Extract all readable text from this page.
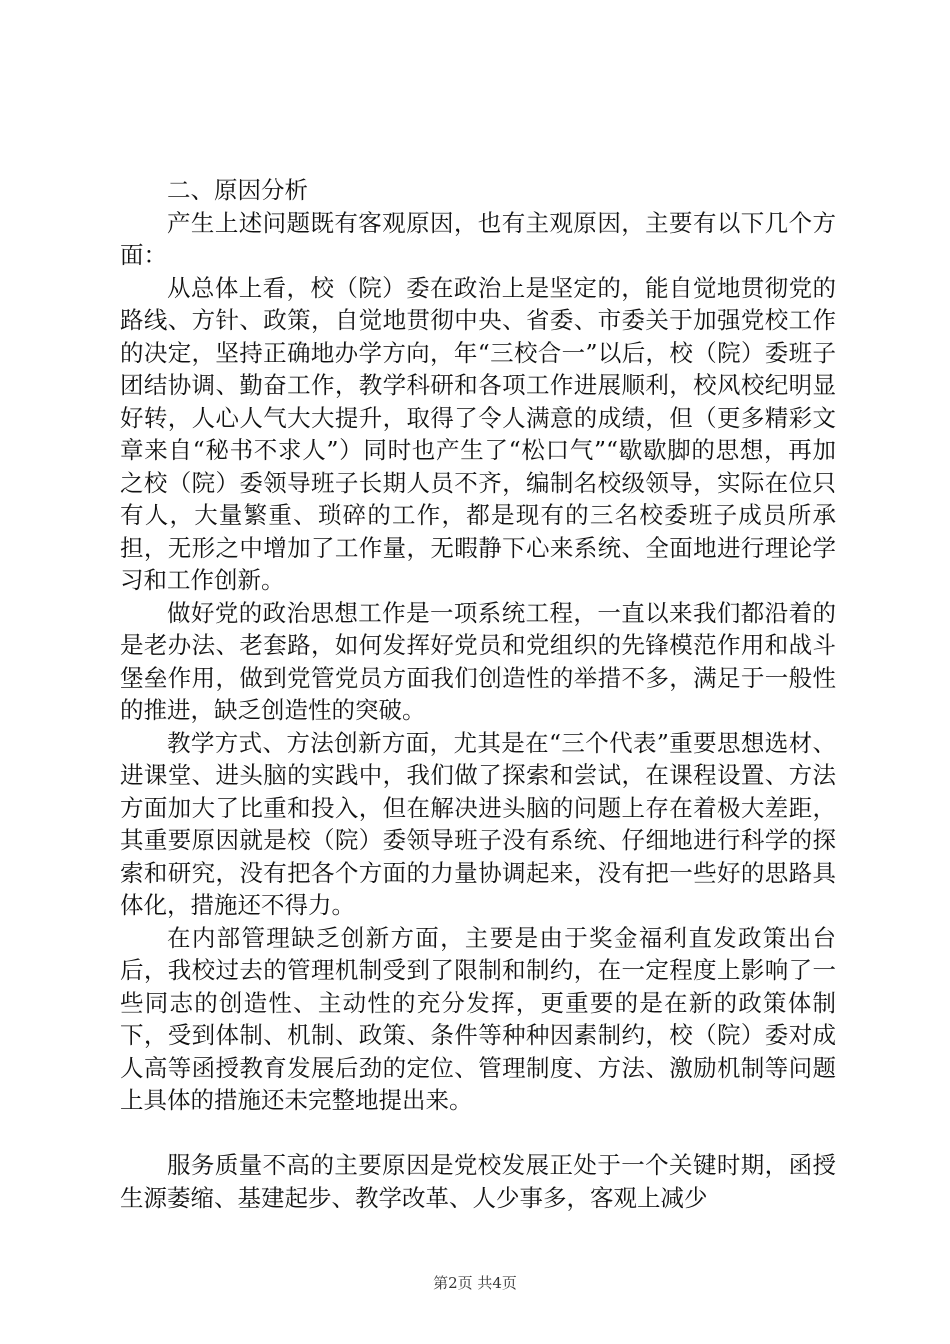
二、原因分析

产生上述问题既有客观原因，也有主观原因，主要有以下几个方面：

从总体上看，校（院）委在政治上是坚定的，能自觉地贯彻党的路线、方针、政策，自觉地贯彻中央、省委、市委关于加强党校工作的决定，坚持正确地办学方向，年“三校合一”以后，校（院）委班子团结协调、勤奋工作，教学科研和各项工作进展顺利，校风校纪明显好转，人心人气大大提升，取得了令人满意的成绩，但（更多精彩文章来自“秘书不求人”）同时也产生了“松口气”“歇歇脚的思想，再加之校（院）委领导班子长期人员不齐，编制名校级领导，实际在位只有人，大量繁重、琐碎的工作，都是现有的三名校委班子成员所承担，无形之中增加了工作量，无暇静下心来系统、全面地进行理论学习和工作创新。

做好党的政治思想工作是一项系统工程，一直以来我们都沿着的是老办法、老套路，如何发挥好党员和党组织的先锋模范作用和战斗堡垒作用，做到党管党员方面我们创造性的举措不多，满足于一般性的推进，缺乏创造性的突破。

教学方式、方法创新方面，尤其是在“三个代表”重要思想选材、进课堂、进头脑的实践中，我们做了探索和尝试，在课程设置、方法方面加大了比重和投入，但在解决进头脑的问题上存在着极大差距，其重要原因就是校（院）委领导班子没有系统、仔细地进行科学的探索和研究，没有把各个方面的力量协调起来，没有把一些好的思路具体化，措施还不得力。

在内部管理缺乏创新方面，主要是由于奖金福利直发政策出台后，我校过去的管理机制受到了限制和制约，在一定程度上影响了一些同志的创造性、主动性的充分发挥，更重要的是在新的政策体制下，受到体制、机制、政策、条件等种种因素制约，校（院）委对成人高等函授教育发展后劲的定位、管理制度、方法、激励机制等问题上具体的措施还未完整地提出来。

服务质量不高的主要原因是党校发展正处于一个关键时期，函授生源萎缩、基建起步、教学改革、人少事多，客观上减少

第2页 共4页
